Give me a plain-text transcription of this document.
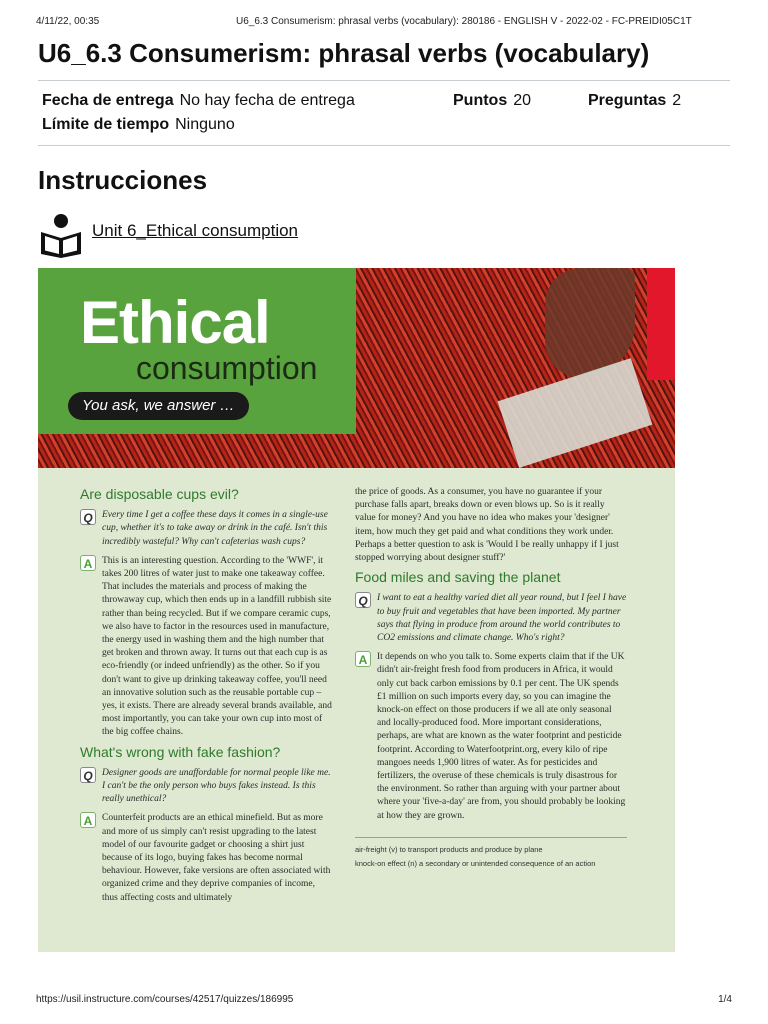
4/11/22, 00:35	U6_6.3 Consumerism: phrasal verbs (vocabulary): 280186 - ENGLISH V - 2022-02 - FC-PREIDI05C1T
U6_6.3 Consumerism: phrasal verbs (vocabulary)
Fecha de entrega No hay fecha de entrega	Puntos 20	Preguntas 2
Límite de tiempo Ninguno
Instrucciones
Unit 6_Ethical consumption
Ethical
consumption
You ask, we answer …
Are disposable cups evil?
Q Every time I get a coffee these days it comes in a single-use cup, whether it's to take away or drink in the café. Isn't this incredibly wasteful? Why can't cafeterias wash cups?
A	This is an interesting question. According to the 'WWF', it takes 200 litres of water just to make one takeaway coffee. That includes the materials and process of making the throwaway cup, which then ends up in a landfill rubbish site rather than being recycled. But if we compare ceramic cups, we also have to factor in the resources used in manufacture, the energy used in washing them and the high number that get broken and thrown away. It turns out that each cup is as eco-friendly (or indeed unfriendly) as the other. So if you don't want to give up drinking takeaway coffee, you'll need an innovative solution such as the reusable portable cup – yes, it exists. There are already several brands available, and most importantly, you can take your own cup into most of the big coffee chains.
What's wrong with fake fashion?
Q Designer goods are unaffordable for normal people like me. I can't be the only person who buys fakes instead. Is this really unethical?
A	Counterfeit products are an ethical minefield. But as more and more of us simply can't resist upgrading to the latest model of our favourite gadget or choosing a shirt just because of its logo, buying fakes has become normal behaviour. However, fake versions are often associated with organized crime and they deprive companies of income, thus affecting costs and ultimately
the price of goods. As a consumer, you have no guarantee if your purchase falls apart, breaks down or even blows up. So is it really value for money? And you have no idea who makes your 'designer' item, how much they get paid and what conditions they work under. Perhaps a better question to ask is 'Would I be really unhappy if I just stopped worrying about designer stuff?'
Food miles and saving the planet
Q I want to eat a healthy varied diet all year round, but I feel I have to buy fruit and vegetables that have been imported. My partner says that flying in produce from around the world contributes to CO2 emissions and climate change. Who's right?
A	It depends on who you talk to. Some experts claim that if the UK didn't air-freight fresh food from producers in Africa, it would only cut back carbon emissions by 0.1 per cent. The UK spends £1 million on such imports every day, so you can imagine the knock-on effect on those producers if we all ate only seasonal and locally-produced food. More important considerations, perhaps, are what are known as the water footprint and pesticide footprint. According to Waterfootprint.org, every kilo of ripe mangoes needs 1,900 litres of water. As for pesticides and fertilizers, the overuse of these chemicals is truly disastrous for the environment. So rather than arguing with your partner about where your 'five-a-day' are from, you should probably be looking at how they are grown.
air-freight (v) to transport products and produce by plane
knock-on effect (n) a secondary or unintended consequence of an action
https://usil.instructure.com/courses/42517/quizzes/186995	1/4
